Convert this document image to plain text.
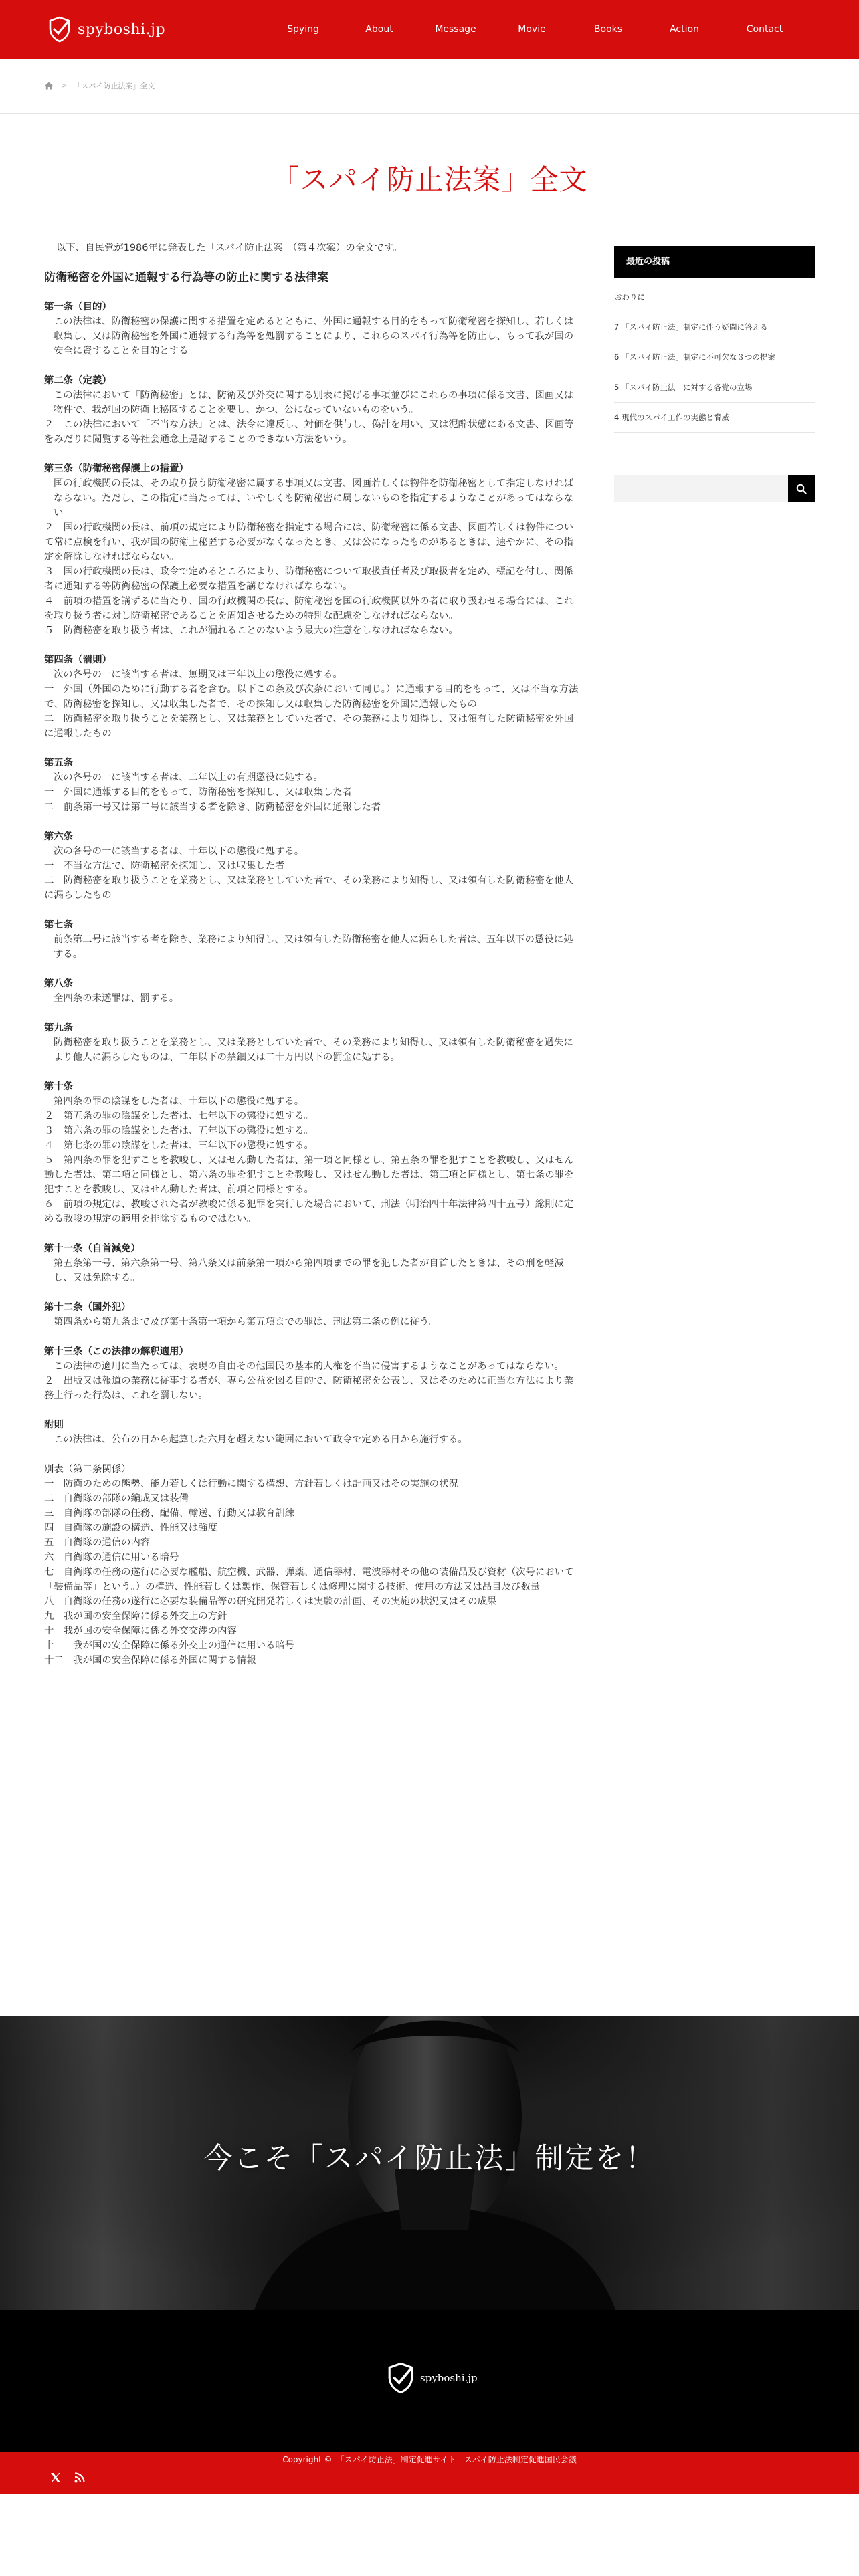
spyboshi.jp	Spying	About	Message	Movie	Books	Action	Contact
> 「スパイ防止法案」全文
「スパイ防止法案」全文

以下、自民党が1986年に発表した「スパイ防止法案」（第４次案）の全文です。

防衛秘密を外国に通報する行為等の防止に関する法律案
第一条（目的）
この法律は、防衛秘密の保護に関する措置を定めるとともに、外国に通報する目的をもって防衛秘密を探知し、若しくは収集し、又は防衛秘密を外国に通報する行為等を処罰することにより、これらのスパイ行為等を防止し、もって我が国の安全に資することを目的とする。
第二条（定義）
この法律において「防衛秘密」とは、防衛及び外交に関する別表に掲げる事項並びにこれらの事項に係る文書、図画又は物件で、我が国の防衛上秘匿することを要し、かつ、公になっていないものをいう。
２　この法律において「不当な方法」とは、法令に違反し、対価を供与し、偽計を用い、又は泥酔状態にある文書、図画等をみだりに閲覧する等社会通念上是認することのできない方法をいう。
第三条（防衛秘密保護上の措置）
国の行政機関の長は、その取り扱う防衛秘密に属する事項又は文書、図画若しくは物件を防衛秘密として指定しなければならない。ただし、この指定に当たっては、いやしくも防衛秘密に属しないものを指定するようなことがあってはならない。
２　国の行政機関の長は、前項の規定により防衛秘密を指定する場合には、防衛秘密に係る文書、図画若しくは物件について常に点検を行い、我が国の防衛上秘匿する必要がなくなったとき、又は公になったものがあるときは、速やかに、その指定を解除しなければならない。
３　国の行政機関の長は、政令で定めるところにより、防衛秘密について取扱責任者及び取扱者を定め、標記を付し、関係者に通知する等防衛秘密の保護上必要な措置を講じなければならない。
４　前項の措置を講ずるに当たり、国の行政機関の長は、防衛秘密を国の行政機関以外の者に取り扱わせる場合には、これを取り扱う者に対し防衛秘密であることを周知させるための特別な配慮をしなければならない。
５　防衛秘密を取り扱う者は、これが漏れることのないよう最大の注意をしなければならない。
第四条（罰則）
次の各号の一に該当する者は、無期又は三年以上の懲役に処する。
一　外国（外国のために行動する者を含む。以下この条及び次条において同じ。）に通報する目的をもって、又は不当な方法で、防衛秘密を探知し、又は収集した者で、その探知し又は収集した防衛秘密を外国に通報したもの
二　防衛秘密を取り扱うことを業務とし、又は業務としていた者で、その業務により知得し、又は領有した防衛秘密を外国に通報したもの
第五条
次の各号の一に該当する者は、二年以上の有期懲役に処する。
一　外国に通報する目的をもって、防衛秘密を探知し、又は収集した者
二　前条第一号又は第二号に該当する者を除き、防衛秘密を外国に通報した者
第六条
次の各号の一に該当する者は、十年以下の懲役に処する。
一　不当な方法で、防衛秘密を探知し、又は収集した者
二　防衛秘密を取り扱うことを業務とし、又は業務としていた者で、その業務により知得し、又は領有した防衛秘密を他人に漏らしたもの
第七条
前条第二号に該当する者を除き、業務により知得し、又は領有した防衛秘密を他人に漏らした者は、五年以下の懲役に処する。
第八条
全四条の未遂罪は、罰する。
第九条
防衛秘密を取り扱うことを業務とし、又は業務としていた者で、その業務により知得し、又は領有した防衛秘密を過失により他人に漏らしたものは、二年以下の禁錮又は二十万円以下の罰金に処する。
第十条
第四条の罪の陰謀をした者は、十年以下の懲役に処する。
２　第五条の罪の陰謀をした者は、七年以下の懲役に処する。
３　第六条の罪の陰謀をした者は、五年以下の懲役に処する。
４　第七条の罪の陰謀をした者は、三年以下の懲役に処する。
５　第四条の罪を犯すことを教唆し、又はせん動した者は、第一項と同様とし、第五条の罪を犯すことを教唆し、又はせん動した者は、第二項と同様とし、第六条の罪を犯すことを教唆し、又はせん動した者は、第三項と同様とし、第七条の罪を犯すことを教唆し、又はせん動した者は、前項と同様とする。
６　前項の規定は、教唆された者が教唆に係る犯罪を実行した場合において、刑法（明治四十年法律第四十五号）総則に定める教唆の規定の適用を排除するものではない。
第十一条（自首減免）
第五条第一号、第六条第一号、第八条又は前条第一項から第四項までの罪を犯した者が自首したときは、その刑を軽減し、又は免除する。
第十二条（国外犯）
第四条から第九条まで及び第十条第一項から第五項までの罪は、刑法第二条の例に従う。
第十三条（この法律の解釈適用）
この法律の適用に当たっては、表現の自由その他国民の基本的人権を不当に侵害するようなことがあってはならない。
２　出版又は報道の業務に従事する者が、専ら公益を図る目的で、防衛秘密を公表し、又はそのために正当な方法により業務上行った行為は、これを罰しない。
附則
この法律は、公布の日から起算した六月を超えない範囲において政令で定める日から施行する。
別表（第二条関係）
一　防衛のための態勢、能力若しくは行動に関する構想、方針若しくは計画又はその実施の状況
二　自衛隊の部隊の編成又は装備
三　自衛隊の部隊の任務、配備、輸送、行動又は教育訓練
四　自衛隊の施設の構造、性能又は強度
五　自衛隊の通信の内容
六　自衛隊の通信に用いる暗号
七　自衛隊の任務の遂行に必要な艦船、航空機、武器、弾薬、通信器材、電波器材その他の装備品及び資材（次号において「装備品等」という。）の構造、性能若しくは製作、保管若しくは修理に関する技術、使用の方法又は品目及び数量
八　自衛隊の任務の遂行に必要な装備品等の研究開発若しくは実験の計画、その実施の状況又はその成果
九　我が国の安全保障に係る外交上の方針
十　我が国の安全保障に係る外交交渉の内容
十一　我が国の安全保障に係る外交上の通信に用いる暗号
十二　我が国の安全保障に係る外国に関する情報
最近の投稿
おわりに
7 「スパイ防止法」制定に伴う疑問に答える
6 「スパイ防止法」制定に不可欠な３つの提案
5 「スパイ防止法」に対する各党の立場
4 現代のスパイ工作の実態と脅威
今こそ「スパイ防止法」制定を！
spyboshi.jp
Copyright ©　「スパイ防止法」制定促進サイト｜スパイ防止法制定促進国民会議
